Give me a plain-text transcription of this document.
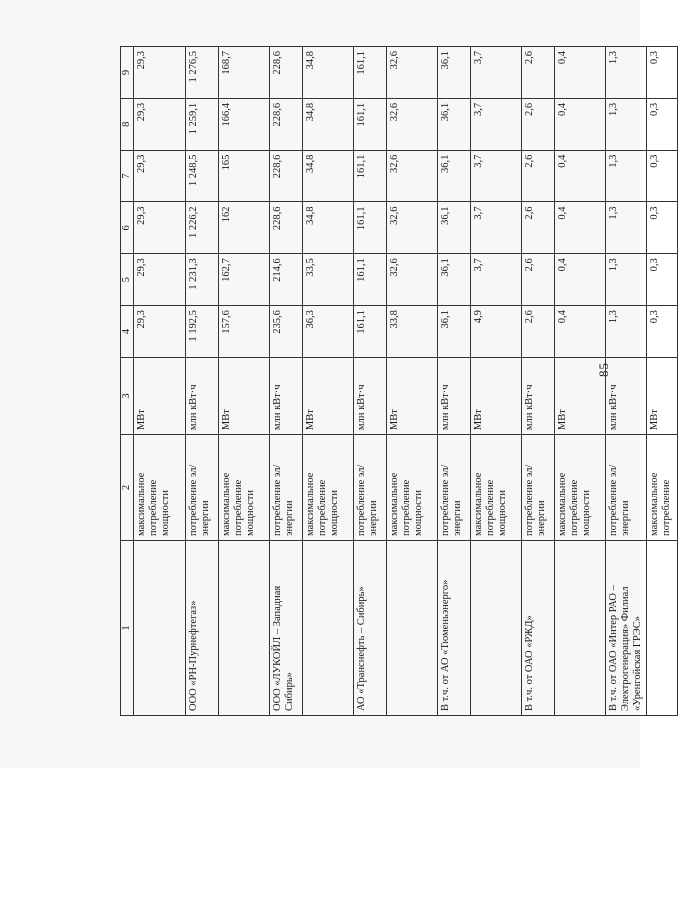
85
1	2	3	4	5	6	7	8	9
	максимальное потребление мощности	МВт	29,3	29,3	29,3	29,3	29,3	29,3
ООО «РН-Пурнефтегаз»	потребление эл/энергии	млн кВт·ч	1 192,5	1 231,3	1 226,2	1 248,5	1 259,1	1 276,5
	максимальное потребление мощности	МВт	157,6	162,7	162	165	166,4	168,7
ООО «ЛУКОЙЛ – Западная Сибирь»	потребление эл/энергии	млн кВт·ч	235,6	214,6	228,6	228,6	228,6	228,6
	максимальное потребление мощности	МВт	36,3	33,5	34,8	34,8	34,8	34,8
АО «Транснефть – Сибирь»	потребление эл/энергии	млн кВт·ч	161,1	161,1	161,1	161,1	161,1	161,1
	максимальное потребление мощности	МВт	33,8	32,6	32,6	32,6	32,6	32,6
В т.ч. от АО «Тюменьэнерго»	потребление эл/энергии	млн кВт·ч	36,1	36,1	36,1	36,1	36,1	36,1
	максимальное потребление мощности	МВт	4,9	3,7	3,7	3,7	3,7	3,7
В т.ч. от ОАО «РЖД»	потребление эл/энергии	млн кВт·ч	2,6	2,6	2,6	2,6	2,6	2,6
	максимальное потребление мощности	МВт	0,4	0,4	0,4	0,4	0,4	0,4
В т.ч. от ОАО «Интер РАО – Электрогенерация» Филиал «Уренгойская ГРЭС»	потребление эл/энергии	млн кВт·ч	1,3	1,3	1,3	1,3	1,3	1,3
	максимальное потребление	МВт	0,3	0,3	0,3	0,3	0,3	0,3
